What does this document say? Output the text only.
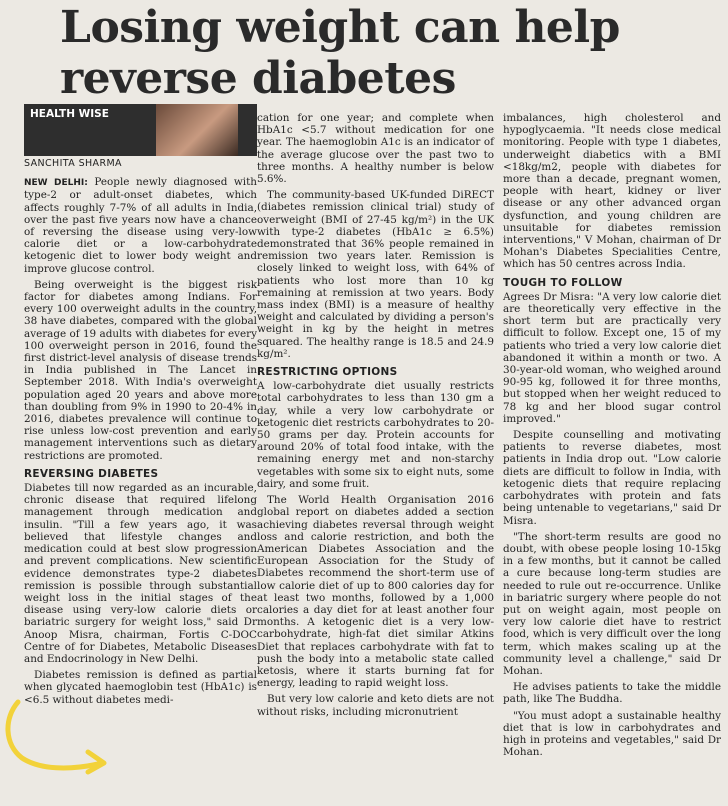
Losing weight can help reverse diabetes
HEALTH WISE
SANCHITA SHARMA

NEW DELHI: People newly diagnosed with type-2 or adult-onset diabetes, which affects roughly 7-7% of all adults in India, over the past five years now have a chance of reversing the disease using very-low calorie diet or a low-carbohydrate ketogenic diet to lower body weight and improve glucose control.

Being overweight is the biggest risk factor for diabetes among Indians. For every 100 overweight adults in the country, 38 have diabetes, compared with the global average of 19 adults with diabetes for every 100 overweight person in 2016, found the first district-level analysis of disease trends in India published in The Lancet in September 2018. With India's overweight population aged 20 years and above more than doubling from 9% in 1990 to 20-4% in 2016, diabetes prevalence will continue to rise unless low-cost prevention and early management interventions such as dietary restrictions are promoted.

REVERSING DIABETES

Diabetes till now regarded as an incurable, chronic disease that required lifelong management through medication and insulin. "Till a few years ago, it was believed that lifestyle changes and medication could at best slow progression and prevent complications. New scientific evidence demonstrates type-2 diabetes remission is possible through substantial weight loss in the initial stages of the disease using very-low calorie diets or bariatric surgery for weight loss," said Dr Anoop Misra, chairman, Fortis C-DOC Centre of for Diabetes, Metabolic Diseases and Endocrinology in New Delhi.

Diabetes remission is defined as partial when glycated haemoglobin test (HbA1c) is <6.5 without diabetes medi-

cation for one year; and complete when HbA1c <5.7 without medication for one year. The haemoglobin A1c is an indicator of the average glucose over the past two to three months. A healthy number is below 5.6%.

The community-based UK-funded DiRECT (diabetes remission clinical trial) study of overweight (BMI of 27-45 kg/m²) in the UK with type-2 diabetes (HbA1c ≥ 6.5%) demonstrated that 36% people remained in remission two years later. Remission is closely linked to weight loss, with 64% of patients who lost more than 10 kg remaining at remission at two years. Body mass index (BMI) is a measure of healthy weight and calculated by dividing a person's weight in kg by the height in metres squared. The healthy range is 18.5 and 24.9 kg/m².

RESTRICTING OPTIONS

A low-carbohydrate diet usually restricts total carbohydrates to less than 130 gm a day, while a very low carbohydrate or ketogenic diet restricts carbohydrates to 20-50 grams per day. Protein accounts for around 20% of total food intake, with the remaining energy met and non-starchy vegetables with some six to eight nuts, some dairy, and some fruit.

The World Health Organisation 2016 global report on diabetes added a section achieving diabetes reversal through weight loss and calorie restriction, and both the American Diabetes Association and the European Association for the Study of Diabetes recommend the short-term use of low calorie diet of up to 800 calories day for at least two months, followed by a 1,000 calories a day diet for at least another four months. A ketogenic diet is a very low-carbohydrate, high-fat diet similar Atkins Diet that replaces carbohydrate with fat to push the body into a metabolic state called ketosis, where it starts burning fat for energy, leading to rapid weight loss.

But very low calorie and keto diets are not without risks, including micronutrient

imbalances, high cholesterol and hypoglycaemia. "It needs close medical monitoring. People with type 1 diabetes, underweight diabetics with a BMI <18kg/m2, people with diabetes for more than a decade, pregnant women, people with heart, kidney or liver disease or any other advanced organ dysfunction, and young children are unsuitable for diabetes remission interventions," V Mohan, chairman of Dr Mohan's Diabetes Specialities Centre, which has 50 centres across India.

TOUGH TO FOLLOW

Agrees Dr Misra: "A very low calorie diet are theoretically very effective in the short term but are practically very difficult to follow. Except one, 15 of my patients who tried a very low calorie diet abandoned it within a month or two. A 30-year-old woman, who weighed around 90-95 kg, followed it for three months, but stopped when her weight reduced to 78 kg and her blood sugar control improved."

Despite counselling and motivating patients to reverse diabetes, most patients in India drop out. "Low calorie diets are difficult to follow in India, with ketogenic diets that require replacing carbohydrates with protein and fats being untenable to vegetarians," said Dr Misra.

"The short-term results are good no doubt, with obese people losing 10-15kg in a few months, but it cannot be called a cure because long-term studies are needed to rule out re-occurrence. Unlike in bariatric surgery where people do not put on weight again, most people on very low calorie diet have to restrict food, which is very difficult over the long term, which makes scaling up at the community level a challenge," said Dr Mohan.

He advises patients to take the middle path, like The Buddha.

"You must adopt a sustainable healthy diet that is low in carbohydrates and high in proteins and vegetables," said Dr Mohan.
